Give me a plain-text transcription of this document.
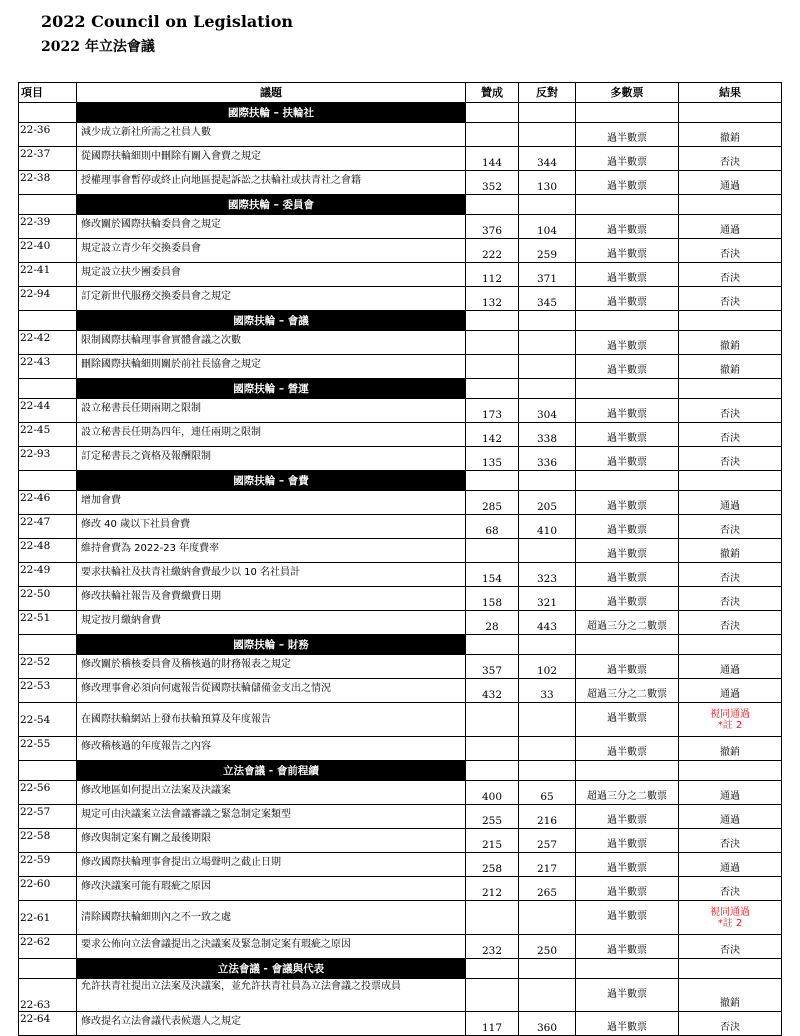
2022 Council on Legislation
2022 年立法會議
項目	議題	贊成	反對	多數票	結果
	國際扶輪 – 扶輪社				
22-36	減少成立新社所需之社員人數			過半數票	撤銷
22-37	從國際扶輪細則中刪除有關入會費之規定	144	344	過半數票	否決
22-38	授權理事會暫停或終止向地區提起訴訟之扶輪社或扶青社之會籍	352	130	過半數票	通過
	國際扶輪 – 委員會				
22-39	修改關於國際扶輪委員會之規定	376	104	過半數票	通過
22-40	規定設立青少年交換委員會	222	259	過半數票	否決
22-41	規定設立扶少團委員會	112	371	過半數票	否決
22-94	訂定新世代服務交換委員會之規定	132	345	過半數票	否決
	國際扶輪 – 會議				
22-42	限制國際扶輪理事會實體會議之次數			過半數票	撤銷
22-43	刪除國際扶輪細則關於前社長協會之規定			過半數票	撤銷
	國際扶輪 – 營運				
22-44	設立秘書長任期兩期之限制	173	304	過半數票	否決
22-45	設立秘書長任期為四年，連任兩期之限制	142	338	過半數票	否決
22-93	訂定秘書長之資格及報酬限制	135	336	過半數票	否決
	國際扶輪 – 會費				
22-46	增加會費	285	205	過半數票	通過
22-47	修改 40 歲以下社員會費	68	410	過半數票	否決
22-48	維持會費為 2022-23 年度費率			過半數票	撤銷
22-49	要求扶輪社及扶青社繳納會費最少以 10 名社員計	154	323	過半數票	否決
22-50	修改扶輪社報告及會費繳費日期	158	321	過半數票	否決
22-51	規定按月繳納會費	28	443	超過三分之二數票	否決
	國際扶輪 – 財務				
22-52	修改關於稽核委員會及稽核過的財務報表之規定	357	102	過半數票	通過
22-53	修改理事會必須向何處報告從國際扶輪儲備金支出之情況	432	33	超過三分之二數票	通過
22-54	在國際扶輪網站上發布扶輪預算及年度報告			過半數票	視同通過
*註 2

22-55	修改稽核過的年度報告之內容			過半數票	撤銷
	立法會議 - 會前程續				
22-56	修改地區如何提出立法案及決議案	400	65	超過三分之二數票	通過
22-57	規定可由決議案立法會議審議之緊急制定案類型	255	216	過半數票	通過
22-58	修改與制定案有關之最後期限	215	257	過半數票	否決
22-59	修改國際扶輪理事會提出立場聲明之截止日期	258	217	過半數票	通過
22-60	修改決議案可能有瑕疵之原因	212	265	過半數票	否決
22-61	清除國際扶輪細則內之不一致之處			過半數票	視同通過
*註 2

22-62	要求公佈向立法會議提出之決議案及緊急制定案有瑕疵之原因	232	250	過半數票	否決
	立法會議 - 會議與代表				
22-63	允許扶青社提出立法案及決議案，並允許扶青社員為立法會議之投票成員			過半數票	撤銷
22-64	修改提名立法會議代表候選人之規定	117	360	過半數票	否決
